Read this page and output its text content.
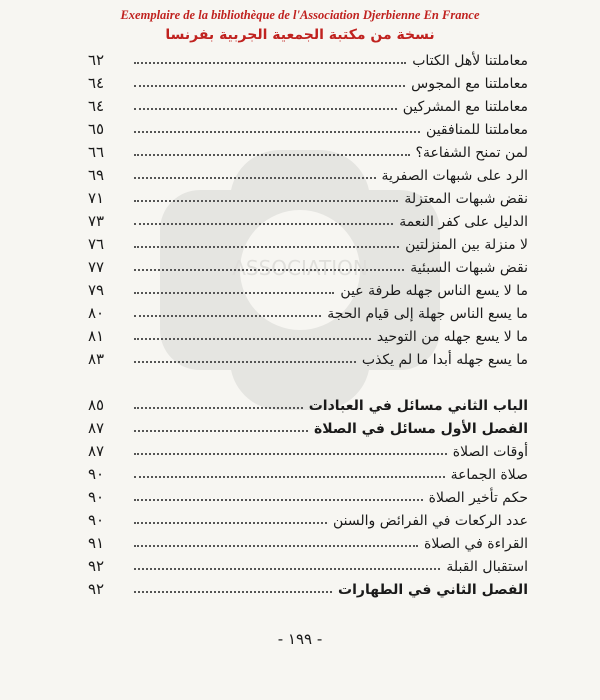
Exemplaire de la bibliothèque de l'Association Djerbienne En France
نسخة من مكتبة الجمعية الجربية بفرنسا
ASSOCIATION
٦٢	معاملتنا لأهل الكتاب
٦٤	معاملتنا مع المجوس
٦٤	معاملتنا مع المشركين
٦٥	معاملتنا للمنافقين
٦٦	لمن تمنح الشفاعة؟
٦٩	الرد على شبهات الصفرية
٧١	نقض شبهات المعتزلة
٧٣	الدليل على كفر النعمة
٧٦	لا منزلة بين المنزلتين
٧٧	نقض شبهات السبئية
٧٩	ما لا يسع الناس جهله طرفة عين
٨٠	ما يسع الناس جهلة إلى قيام الحجة
٨١	ما لا يسع جهله من التوحيد
٨٣	ما يسع جهله أبدا ما لم يكذب
٨٥	الباب الثاني مسائل في العبادات
٨٧	الفصل الأول مسائل في الصلاة
٨٧	أوقات الصلاة
٩٠	صلاة الجماعة
٩٠	حكم تأخير الصلاة
٩٠	عدد الركعات في الفرائض والسنن
٩١	القراءة في الصلاة
٩٢	استقبال القبلة
٩٢	الفصل الثاني في الطهارات
- ١٩٩ -
